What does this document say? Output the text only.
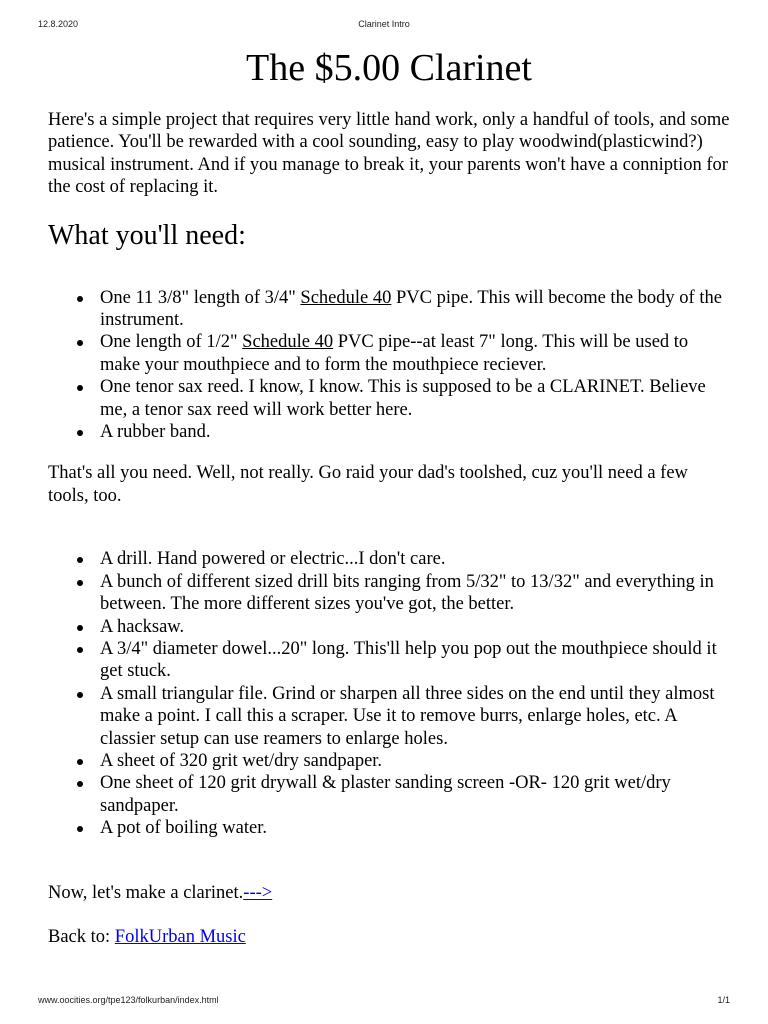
12.8.2020	Clarinet Intro
The $5.00 Clarinet

Here's a simple project that requires very little hand work, only a handful of tools, and some patience. You'll be rewarded with a cool sounding, easy to play woodwind(plasticwind?) musical instrument. And if you manage to break it, your parents won't have a conniption for the cost of replacing it.

What you'll need:
One 11 3/8" length of 3/4" Schedule 40 PVC pipe. This will become the body of the instrument.
One length of 1/2" Schedule 40 PVC pipe--at least 7" long. This will be used to make your mouthpiece and to form the mouthpiece reciever.
One tenor sax reed. I know, I know. This is supposed to be a CLARINET. Believe me, a tenor sax reed will work better here.
A rubber band.

That's all you need. Well, not really. Go raid your dad's toolshed, cuz you'll need a few tools, too.

A drill. Hand powered or electric...I don't care.
A bunch of different sized drill bits ranging from 5/32" to 13/32" and everything in between. The more different sizes you've got, the better.
A hacksaw.
A 3/4" diameter dowel...20" long. This'll help you pop out the mouthpiece should it get stuck.
A small triangular file. Grind or sharpen all three sides on the end until they almost make a point. I call this a scraper. Use it to remove burrs, enlarge holes, etc. A classier setup can use reamers to enlarge holes.
A sheet of 320 grit wet/dry sandpaper.
One sheet of 120 grit drywall & plaster sanding screen -OR- 120 grit wet/dry sandpaper.
A pot of boiling water.

Now, let's make a clarinet.--->

Back to: FolkUrban Music

www.oocities.org/tpe123/folkurban/index.html	1/1
